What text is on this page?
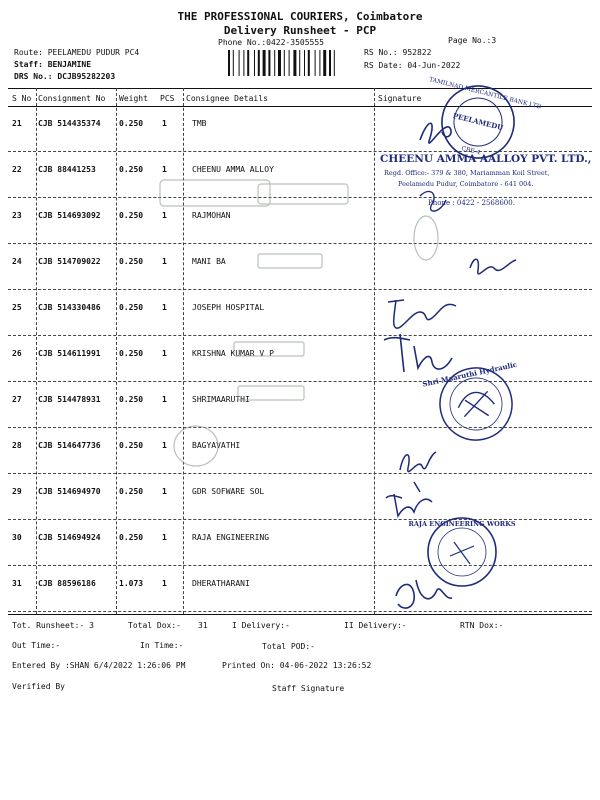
THE PROFESSIONAL COURIERS, Coimbatore
Delivery Runsheet - PCP
Phone No.:0422-3505555	Page No.:3
RS No.: 952822
RS Date: 04-Jun-2022
Route: PEELAMEDU PUDUR PC4
Staff: BENJAMINE
DRS No.: DCJB95282203
S No Consignment No Weight PCS Consignee Details	Signature
21 CJB 514435374 0.250 1	TMB
22 CJB 88441253	0.250 1	CHEENU AMMA ALLOY
23 CJB 514693092 0.250 1	RAJMOHAN
24 CJB 514709022 0.250 1	MANI BA
25 CJB 514330486 0.250 1	JOSEPH HOSPITAL
26 CJB 514611991 0.250 1	KRISHNA KUMAR V P
27 CJB 514478931 0.250 1	SHRIMAARUTHI
28 CJB 514647736 0.250 1	BAGYAVATHI
29 CJB 514694970 0.250 1	GDR SOFWARE SOL
30 CJB 514694924 0.250 1	RAJA ENGINEERING
31 CJB 88596186	1.073 1	DHERATHARANI
Tot. Runsheet:- 3	Total Dox:- 31	I Delivery:-	II Delivery:-	RTN Dox:-
Out Time:-	In Time:-	Total POD:-
Entered By :SHAN 6/4/2022 1:26:06 PM	Printed On: 04-06-2022 13:26:52
Verified By	Staff Signature
TAMILNAD MERCANTILE BANK LTD
PEELAMEDU
CBE-4
CHEENU AMMA AALLOY PVT. LTD.,
Regd. Office:- 379 & 380, Mariamman Koil Street,
Peelamedu Pudur, Coimbatore - 641 004.
Phone : 0422 - 2568600.
Shri Maaruthi Hydraulic
RAJA ENGINEERING WORKS
